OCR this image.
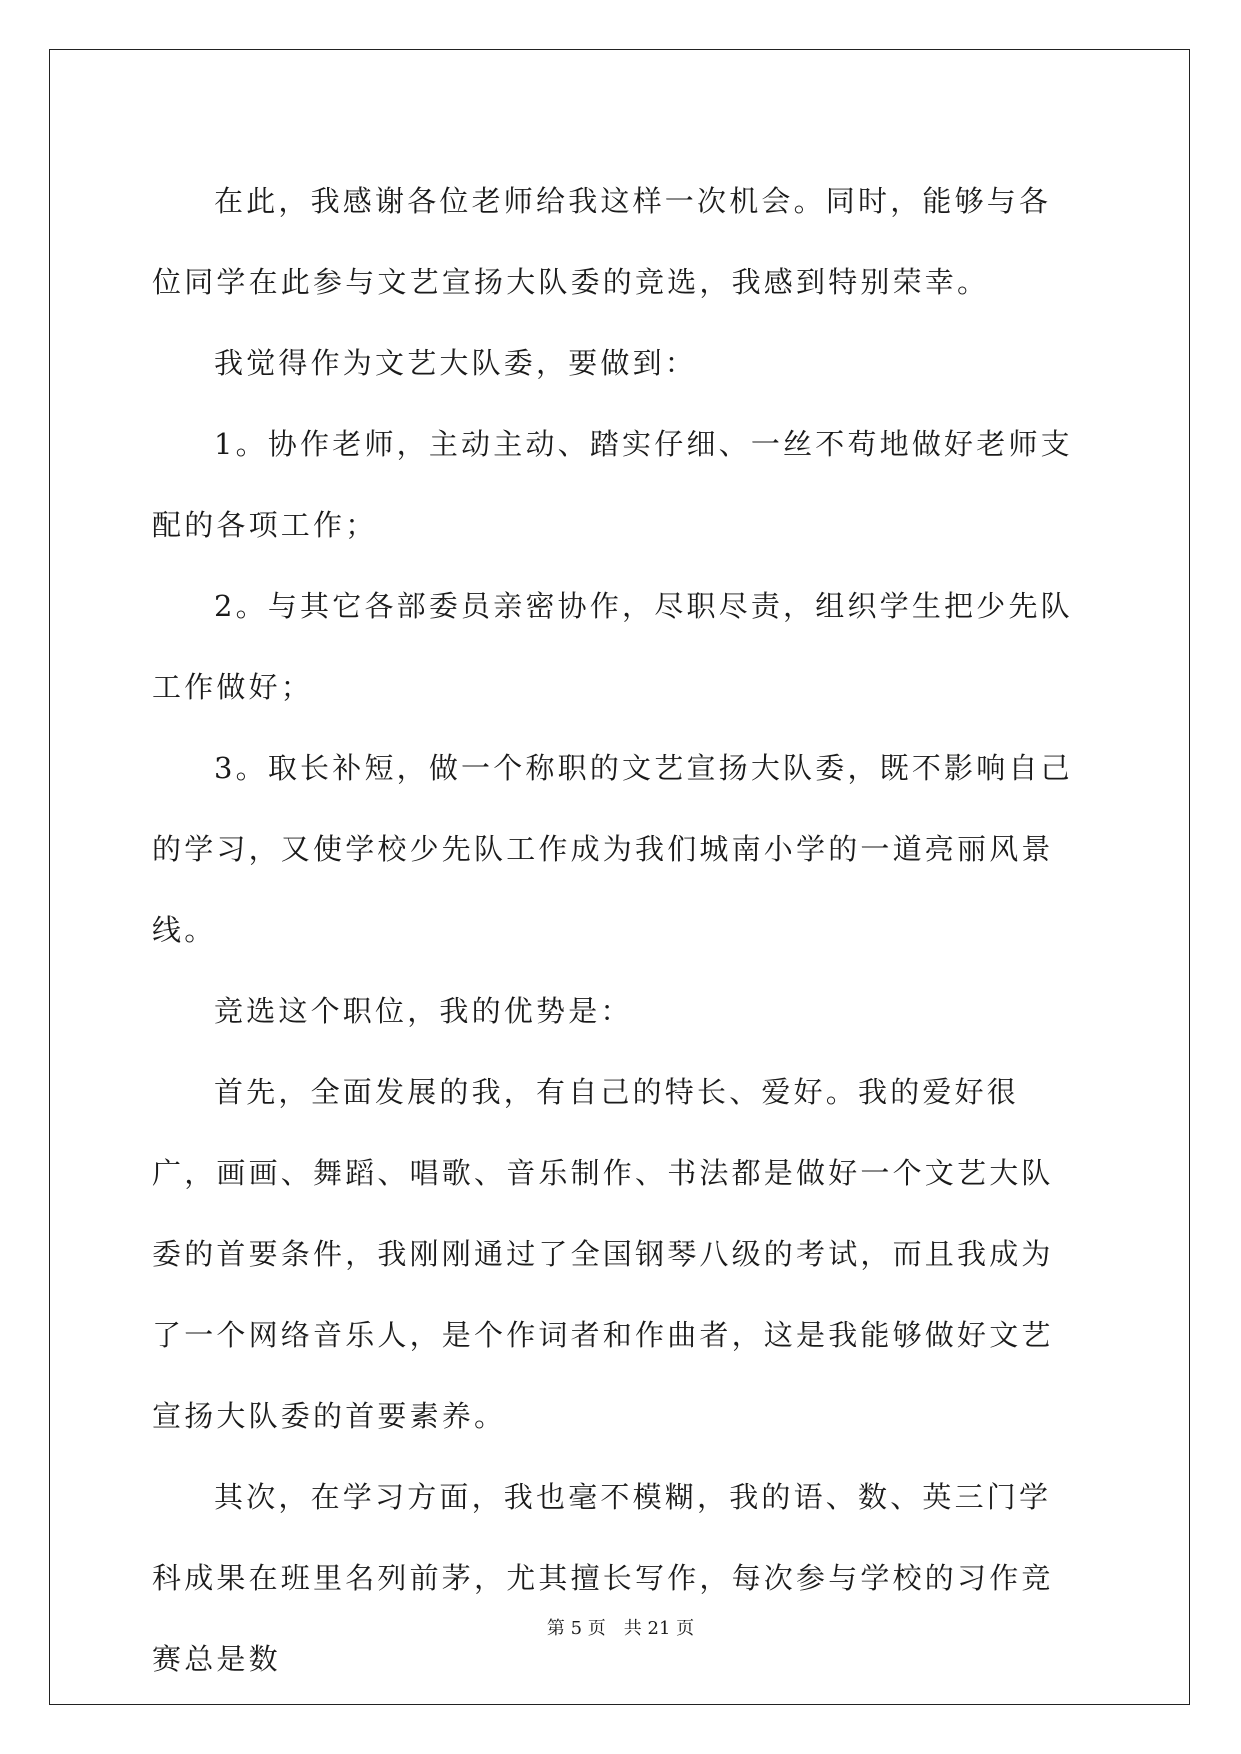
在此，我感谢各位老师给我这样一次机会。同时，能够与各位同学在此参与文艺宣扬大队委的竞选，我感到特别荣幸。

我觉得作为文艺大队委，要做到：

1。协作老师，主动主动、踏实仔细、一丝不苟地做好老师支配的各项工作；

2。与其它各部委员亲密协作，尽职尽责，组织学生把少先队工作做好；

3。取长补短，做一个称职的文艺宣扬大队委，既不影响自己的学习，又使学校少先队工作成为我们城南小学的一道亮丽风景线。

竞选这个职位，我的优势是：

首先，全面发展的我，有自己的特长、爱好。我的爱好很广，画画、舞蹈、唱歌、音乐制作、书法都是做好一个文艺大队委的首要条件，我刚刚通过了全国钢琴八级的考试，而且我成为了一个网络音乐人，是个作词者和作曲者，这是我能够做好文艺宣扬大队委的首要素养。

其次，在学习方面，我也毫不模糊，我的语、数、英三门学科成果在班里名列前茅，尤其擅长写作，每次参与学校的习作竞赛总是数

第 5 页 共 21 页
